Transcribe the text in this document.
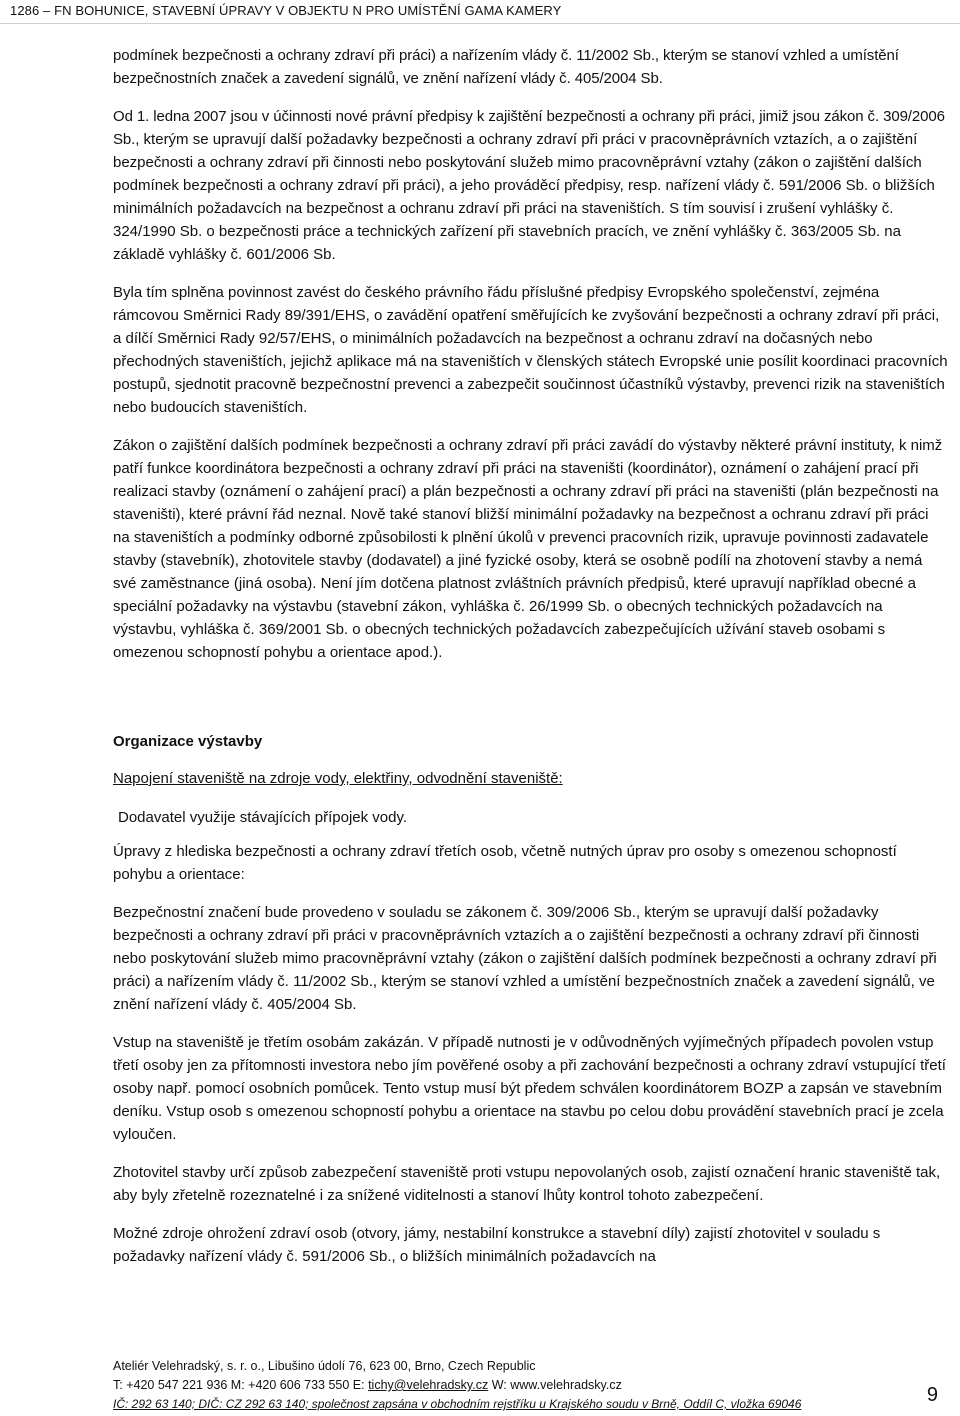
1286 – FN BOHUNICE, STAVEBNÍ ÚPRAVY V OBJEKTU N PRO UMÍSTĚNÍ GAMA KAMERY

podmínek bezpečnosti a ochrany zdraví při práci) a nařízením vlády č. 11/2002 Sb., kterým se stanoví vzhled a umístění bezpečnostních značek a zavedení signálů, ve znění nařízení vlády č. 405/2004 Sb.

Od 1. ledna 2007 jsou v účinnosti nové právní předpisy k zajištění bezpečnosti a ochrany při práci, jimiž jsou zákon č. 309/2006 Sb., kterým se upravují další požadavky bezpečnosti a ochrany zdraví při práci v pracovněprávních vztazích, a o zajištění bezpečnosti a ochrany zdraví při činnosti nebo poskytování služeb mimo pracovněprávní vztahy (zákon o zajištění dalších podmínek bezpečnosti a ochrany zdraví při práci), a jeho prováděcí předpisy, resp. nařízení vlády č. 591/2006 Sb. o bližších minimálních požadavcích na bezpečnost a ochranu zdraví při práci na staveništích. S tím souvisí i zrušení vyhlášky č. 324/1990 Sb. o bezpečnosti práce a technických zařízení při stavebních pracích, ve znění vyhlášky č. 363/2005 Sb. na základě vyhlášky č. 601/2006 Sb.

Byla tím splněna povinnost zavést do českého právního řádu příslušné předpisy Evropského společenství, zejména rámcovou Směrnici Rady 89/391/EHS, o zavádění opatření směřujících ke zvyšování bezpečnosti a ochrany zdraví při práci, a dílčí Směrnici Rady 92/57/EHS, o minimálních požadavcích na bezpečnost a ochranu zdraví na dočasných nebo přechodných staveništích, jejichž aplikace má na staveništích v členských státech Evropské unie posílit koordinaci pracovních postupů, sjednotit pracovně bezpečnostní prevenci a zabezpečit součinnost účastníků výstavby, prevenci rizik na staveništích nebo budoucích staveništích.

Zákon o zajištění dalších podmínek bezpečnosti a ochrany zdraví při práci zavádí do výstavby některé právní instituty, k nimž patří funkce koordinátora bezpečnosti a ochrany zdraví při práci na staveništi (koordinátor), oznámení o zahájení prací při realizaci stavby (oznámení o zahájení prací) a plán bezpečnosti a ochrany zdraví při práci na staveništi (plán bezpečnosti na staveništi), které právní řád neznal. Nově také stanoví bližší minimální požadavky na bezpečnost a ochranu zdraví při práci na staveništích a podmínky odborné způsobilosti k plnění úkolů v prevenci pracovních rizik, upravuje povinnosti zadavatele stavby (stavebník), zhotovitele stavby (dodavatel) a jiné fyzické osoby, která se osobně podílí na zhotovení stavby a nemá své zaměstnance (jiná osoba). Není jím dotčena platnost zvláštních právních předpisů, které upravují například obecné a speciální požadavky na výstavbu (stavební zákon, vyhláška č. 26/1999 Sb. o obecných technických požadavcích na výstavbu, vyhláška č. 369/2001 Sb. o obecných technických požadavcích zabezpečujících užívání staveb osobami s omezenou schopností pohybu a orientace apod.).

Organizace výstavby
Napojení staveniště na zdroje vody, elektřiny, odvodnění staveniště:

Dodavatel využije stávajících přípojek vody.

Úpravy z hlediska bezpečnosti a ochrany zdraví třetích osob, včetně nutných úprav pro osoby s omezenou schopností pohybu a orientace:

Bezpečnostní značení bude provedeno v souladu se zákonem č. 309/2006 Sb., kterým se upravují další požadavky bezpečnosti a ochrany zdraví při práci v pracovněprávních vztazích a o zajištění bezpečnosti a ochrany zdraví při činnosti nebo poskytování služeb mimo pracovněprávní vztahy (zákon o zajištění dalších podmínek bezpečnosti a ochrany zdraví při práci) a nařízením vlády č. 11/2002 Sb., kterým se stanoví vzhled a umístění bezpečnostních značek a zavedení signálů, ve znění nařízení vlády č. 405/2004 Sb.

Vstup na staveniště je třetím osobám zakázán. V případě nutnosti je v odůvodněných vyjímečných případech povolen vstup třetí osoby jen za přítomnosti investora nebo jím pověřené osoby a při zachování bezpečnosti a ochrany zdraví vstupující třetí osoby např. pomocí osobních pomůcek. Tento vstup musí být předem schválen koordinátorem BOZP a zapsán ve stavebním deníku. Vstup osob s omezenou schopností pohybu a orientace na stavbu po celou dobu provádění stavebních prací je zcela vyloučen.

Zhotovitel stavby určí způsob zabezpečení staveniště proti vstupu nepovolaných osob, zajistí označení hranic staveniště tak, aby byly zřetelně rozeznatelné i za snížené viditelnosti a stanoví lhůty kontrol tohoto zabezpečení.

Možné zdroje ohrožení zdraví osob (otvory, jámy, nestabilní konstrukce a stavební díly) zajistí zhotovitel v souladu s požadavky nařízení vlády č. 591/2006 Sb., o bližších minimálních požadavcích na

Ateliér Velehradský, s. r. o., Libušino údolí 76, 623 00, Brno, Czech Republic
T: +420 547 221 936 M: +420 606 733 550 E: tichy@velehradsky.cz W: www.velehradsky.cz
IČ: 292 63 140; DIČ: CZ 292 63 140; společnost zapsána v obchodním rejstříku u Krajského soudu v Brně, Oddíl C, vložka 69046	9
